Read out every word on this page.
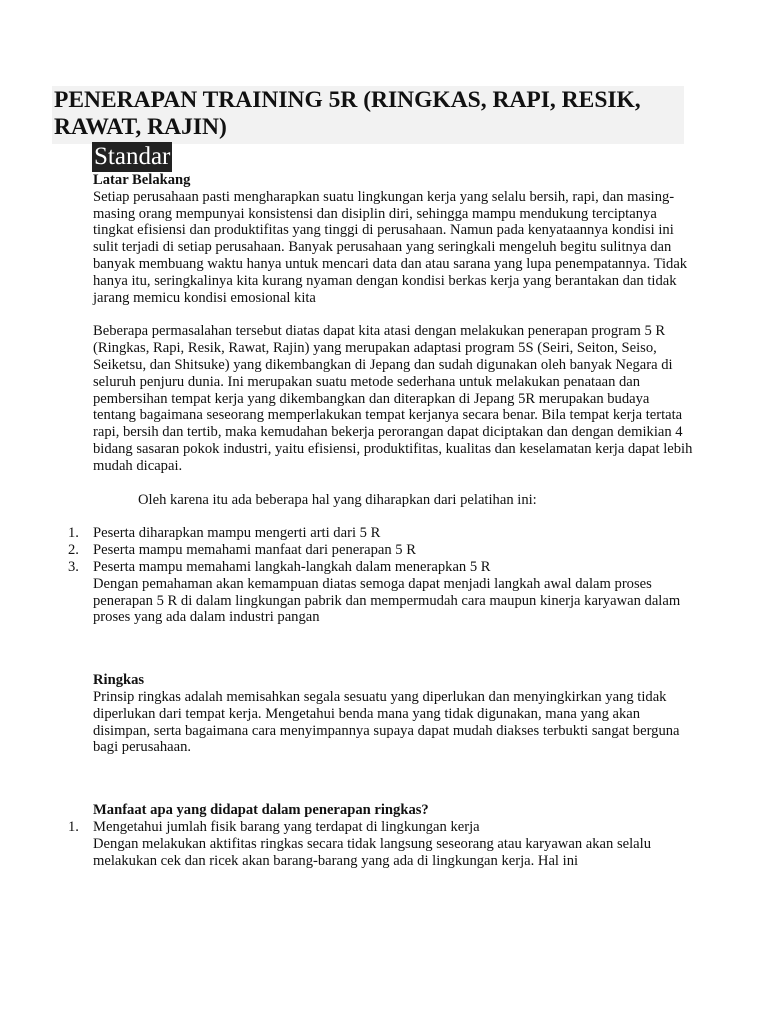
PENERAPAN TRAINING 5R (RINGKAS, RAPI, RESIK, RAWAT, RAJIN)
Standar
Latar Belakang

Setiap perusahaan pasti mengharapkan suatu lingkungan kerja yang selalu bersih, rapi, dan masing-masing orang mempunyai konsistensi dan disiplin diri, sehingga mampu mendukung terciptanya tingkat efisiensi dan produktifitas yang tinggi di perusahaan. Namun pada kenyataannya kondisi ini sulit terjadi di setiap perusahaan. Banyak perusahaan yang seringkali mengeluh begitu sulitnya dan banyak membuang waktu hanya untuk mencari data dan atau sarana yang lupa penempatannya. Tidak hanya itu, seringkalinya kita kurang nyaman dengan kondisi berkas kerja yang berantakan dan tidak jarang memicu kondisi emosional kita

Beberapa permasalahan tersebut diatas dapat kita atasi dengan melakukan penerapan program 5 R (Ringkas, Rapi, Resik, Rawat, Rajin) yang merupakan adaptasi program 5S (Seiri, Seiton, Seiso, Seiketsu, dan Shitsuke) yang dikembangkan di Jepang dan sudah digunakan oleh banyak Negara di seluruh penjuru dunia. Ini merupakan suatu metode sederhana untuk melakukan penataan dan pembersihan tempat kerja yang dikembangkan dan diterapkan di Jepang 5R merupakan budaya tentang bagaimana seseorang memperlakukan tempat kerjanya secara benar. Bila tempat kerja tertata rapi, bersih dan tertib, maka kemudahan bekerja perorangan dapat diciptakan dan dengan demikian 4 bidang sasaran pokok industri, yaitu efisiensi, produktifitas, kualitas dan keselamatan kerja dapat lebih mudah dicapai.

Oleh karena itu ada beberapa hal yang diharapkan dari pelatihan ini:

1. Peserta diharapkan mampu mengerti arti dari 5 R
2. Peserta mampu memahami manfaat dari penerapan 5 R
3. Peserta mampu memahami langkah-langkah dalam menerapkan 5 R

Dengan pemahaman akan kemampuan diatas semoga dapat menjadi langkah awal dalam proses penerapan 5 R di dalam lingkungan pabrik dan mempermudah cara maupun kinerja karyawan dalam proses yang ada dalam industri pangan

Ringkas

Prinsip ringkas adalah memisahkan segala sesuatu yang diperlukan dan menyingkirkan yang tidak diperlukan dari tempat kerja. Mengetahui benda mana yang tidak digunakan, mana yang akan disimpan, serta bagaimana cara menyimpannya supaya dapat mudah diakses terbukti sangat berguna bagi perusahaan.

Manfaat apa yang didapat dalam penerapan ringkas?
1. Mengetahui jumlah fisik barang yang terdapat di lingkungan kerja

Dengan melakukan aktifitas ringkas secara tidak langsung seseorang atau karyawan akan selalu melakukan cek dan ricek akan barang-barang yang ada di lingkungan kerja. Hal ini
